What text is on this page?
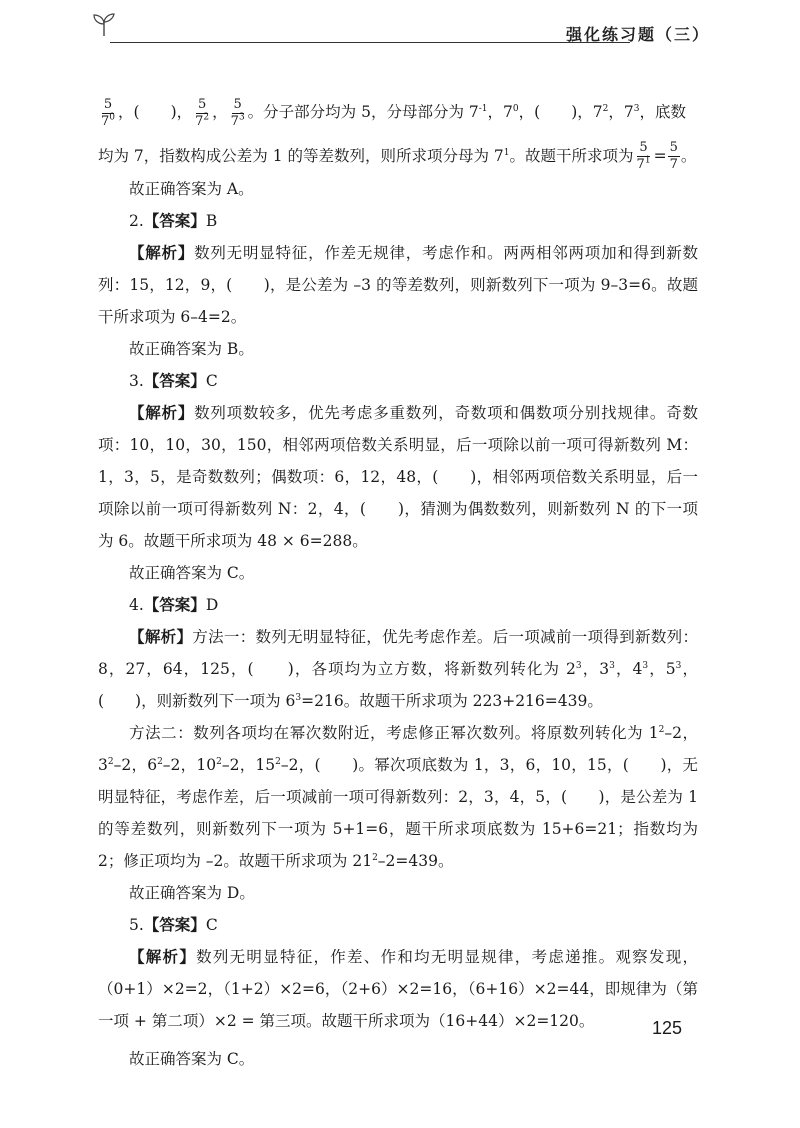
强化练习题（三）

$\frac{5}{7^0}$ ，(　　)， $\frac{5}{7^2}$ ， $\frac{5}{7^3}$ 。分子部分均为 5，分母部分为 $7^{-1}$，$7^0$，(　　)，$7^2$，$7^3$，底数

均为 7，指数构成公差为 1 的等差数列，则所求项分母为 $7^1$。故题干所求项为 $\frac{5}{7^1} = \frac{5}{7}$ 。

故正确答案为 A。

2.【答案】B

【解析】数列无明显特征，作差无规律，考虑作和。两两相邻两项加和得到新数列：15，12，9，(　　)，是公差为 –3 的等差数列，则新数列下一项为 9–3=6。故题干所求项为 6–4=2。

故正确答案为 B。

3.【答案】C

【解析】数列项数较多，优先考虑多重数列，奇数项和偶数项分别找规律。奇数项：10，10，30，150，相邻两项倍数关系明显，后一项除以前一项可得新数列 M：1，3，5，是奇数数列；偶数项：6，12，48，(　　)，相邻两项倍数关系明显，后一项除以前一项可得新数列 N：2，4，(　　)，猜测为偶数数列，则新数列 N 的下一项为 6。故题干所求项为 48 × 6=288。

故正确答案为 C。

4.【答案】D

【解析】方法一：数列无明显特征，优先考虑作差。后一项减前一项得到新数列：8，27，64，125，(　　)，各项均为立方数，将新数列转化为 $2^3$，$3^3$，$4^3$，$5^3$，(　　)，则新数列下一项为 $6^3=216$。故题干所求项为 223+216=439。

方法二：数列各项均在幂次数附近，考虑修正幂次数列。将原数列转化为 $1^2-2$，$3^2-2$，$6^2-2$，$10^2-2$，$15^2-2$，(　　)。幂次项底数为 1，3，6，10，15，(　　)，无明显特征，考虑作差，后一项减前一项可得新数列：2，3，4，5，(　　)，是公差为 1 的等差数列，则新数列下一项为 5+1=6，题干所求项底数为 15+6=21；指数均为 2；修正项均为 –2。故题干所求项为 $21^2-2=439$。

故正确答案为 D。

5.【答案】C

【解析】数列无明显特征，作差、作和均无明显规律，考虑递推。观察发现，（0+1）×2=2，（1+2）×2=6，（2+6）×2=16，（6+16）×2=44，即规律为（第一项 + 第二项）×2 = 第三项。故题干所求项为（16+44）×2=120。

故正确答案为 C。

125
